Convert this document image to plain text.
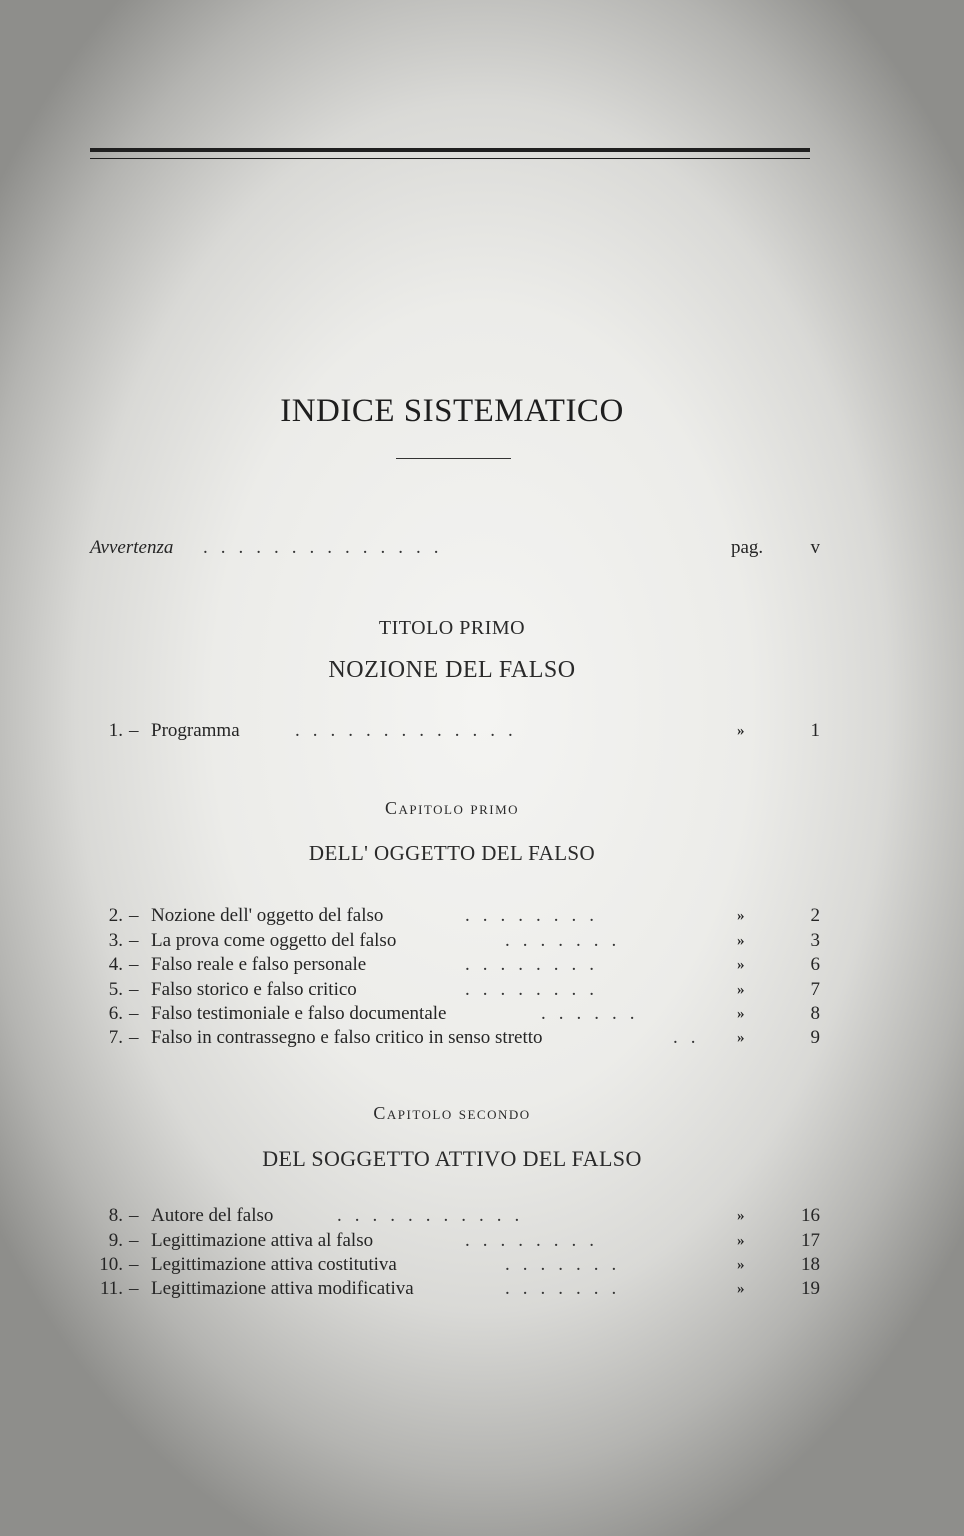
INDICE SISTEMATICO
Avvertenza ..............	pag.	v
TITOLO PRIMO
NOZIONE DEL FALSO
1. – Programma	.............	»	1
Capitolo primo
DELL' OGGETTO DEL FALSO
2. – Nozione dell' oggetto del falso	........	»	2
3. – La prova come oggetto del falso	.......	»	3
4. – Falso reale e falso personale	........	»	6
5. – Falso storico e falso critico	........	»	7
6. – Falso testimoniale e falso documentale	......	»	8
7. – Falso in contrassegno e falso critico in senso stretto	.. »	9
Capitolo secondo
DEL SOGGETTO ATTIVO DEL FALSO
8. – Autore del falso	...........	»	16
9. – Legittimazione attiva al falso	........	»	17
10. – Legittimazione attiva costitutiva	.......	»	18
11. – Legittimazione attiva modificativa	.......	»	19
